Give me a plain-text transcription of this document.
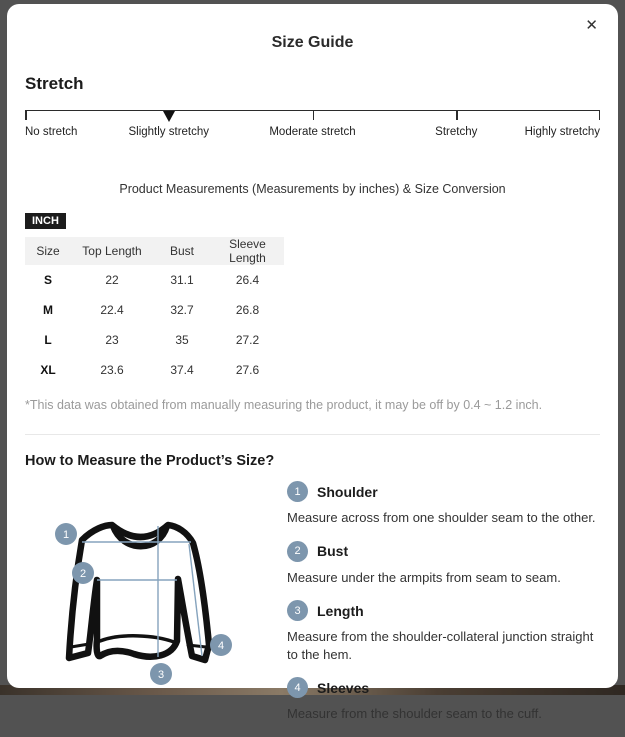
✕
Size Guide
Stretch
No stretch	Slightly stretchy	Moderate stretch	Stretchy	Highly stretchy
Product Measurements (Measurements by inches) & Size Conversion
INCH
Size	Top Length	Bust	Sleeve Length
S	22	31.1	26.4
M	22.4	32.7	26.8
L	23	35	27.2
XL	23.6	37.4	27.6
*This data was obtained from manually measuring the product, it may be off by 0.4 ~ 1.2 inch.
How to Measure the Product’s Size?
1
2
3
4
1	Shoulder
Measure across from one shoulder seam to the other.
2	Bust
Measure under the armpits from seam to seam.
3	Length
Measure from the shoulder-collateral junction straight to the hem.
4	Sleeves
Measure from the shoulder seam to the cuff.
